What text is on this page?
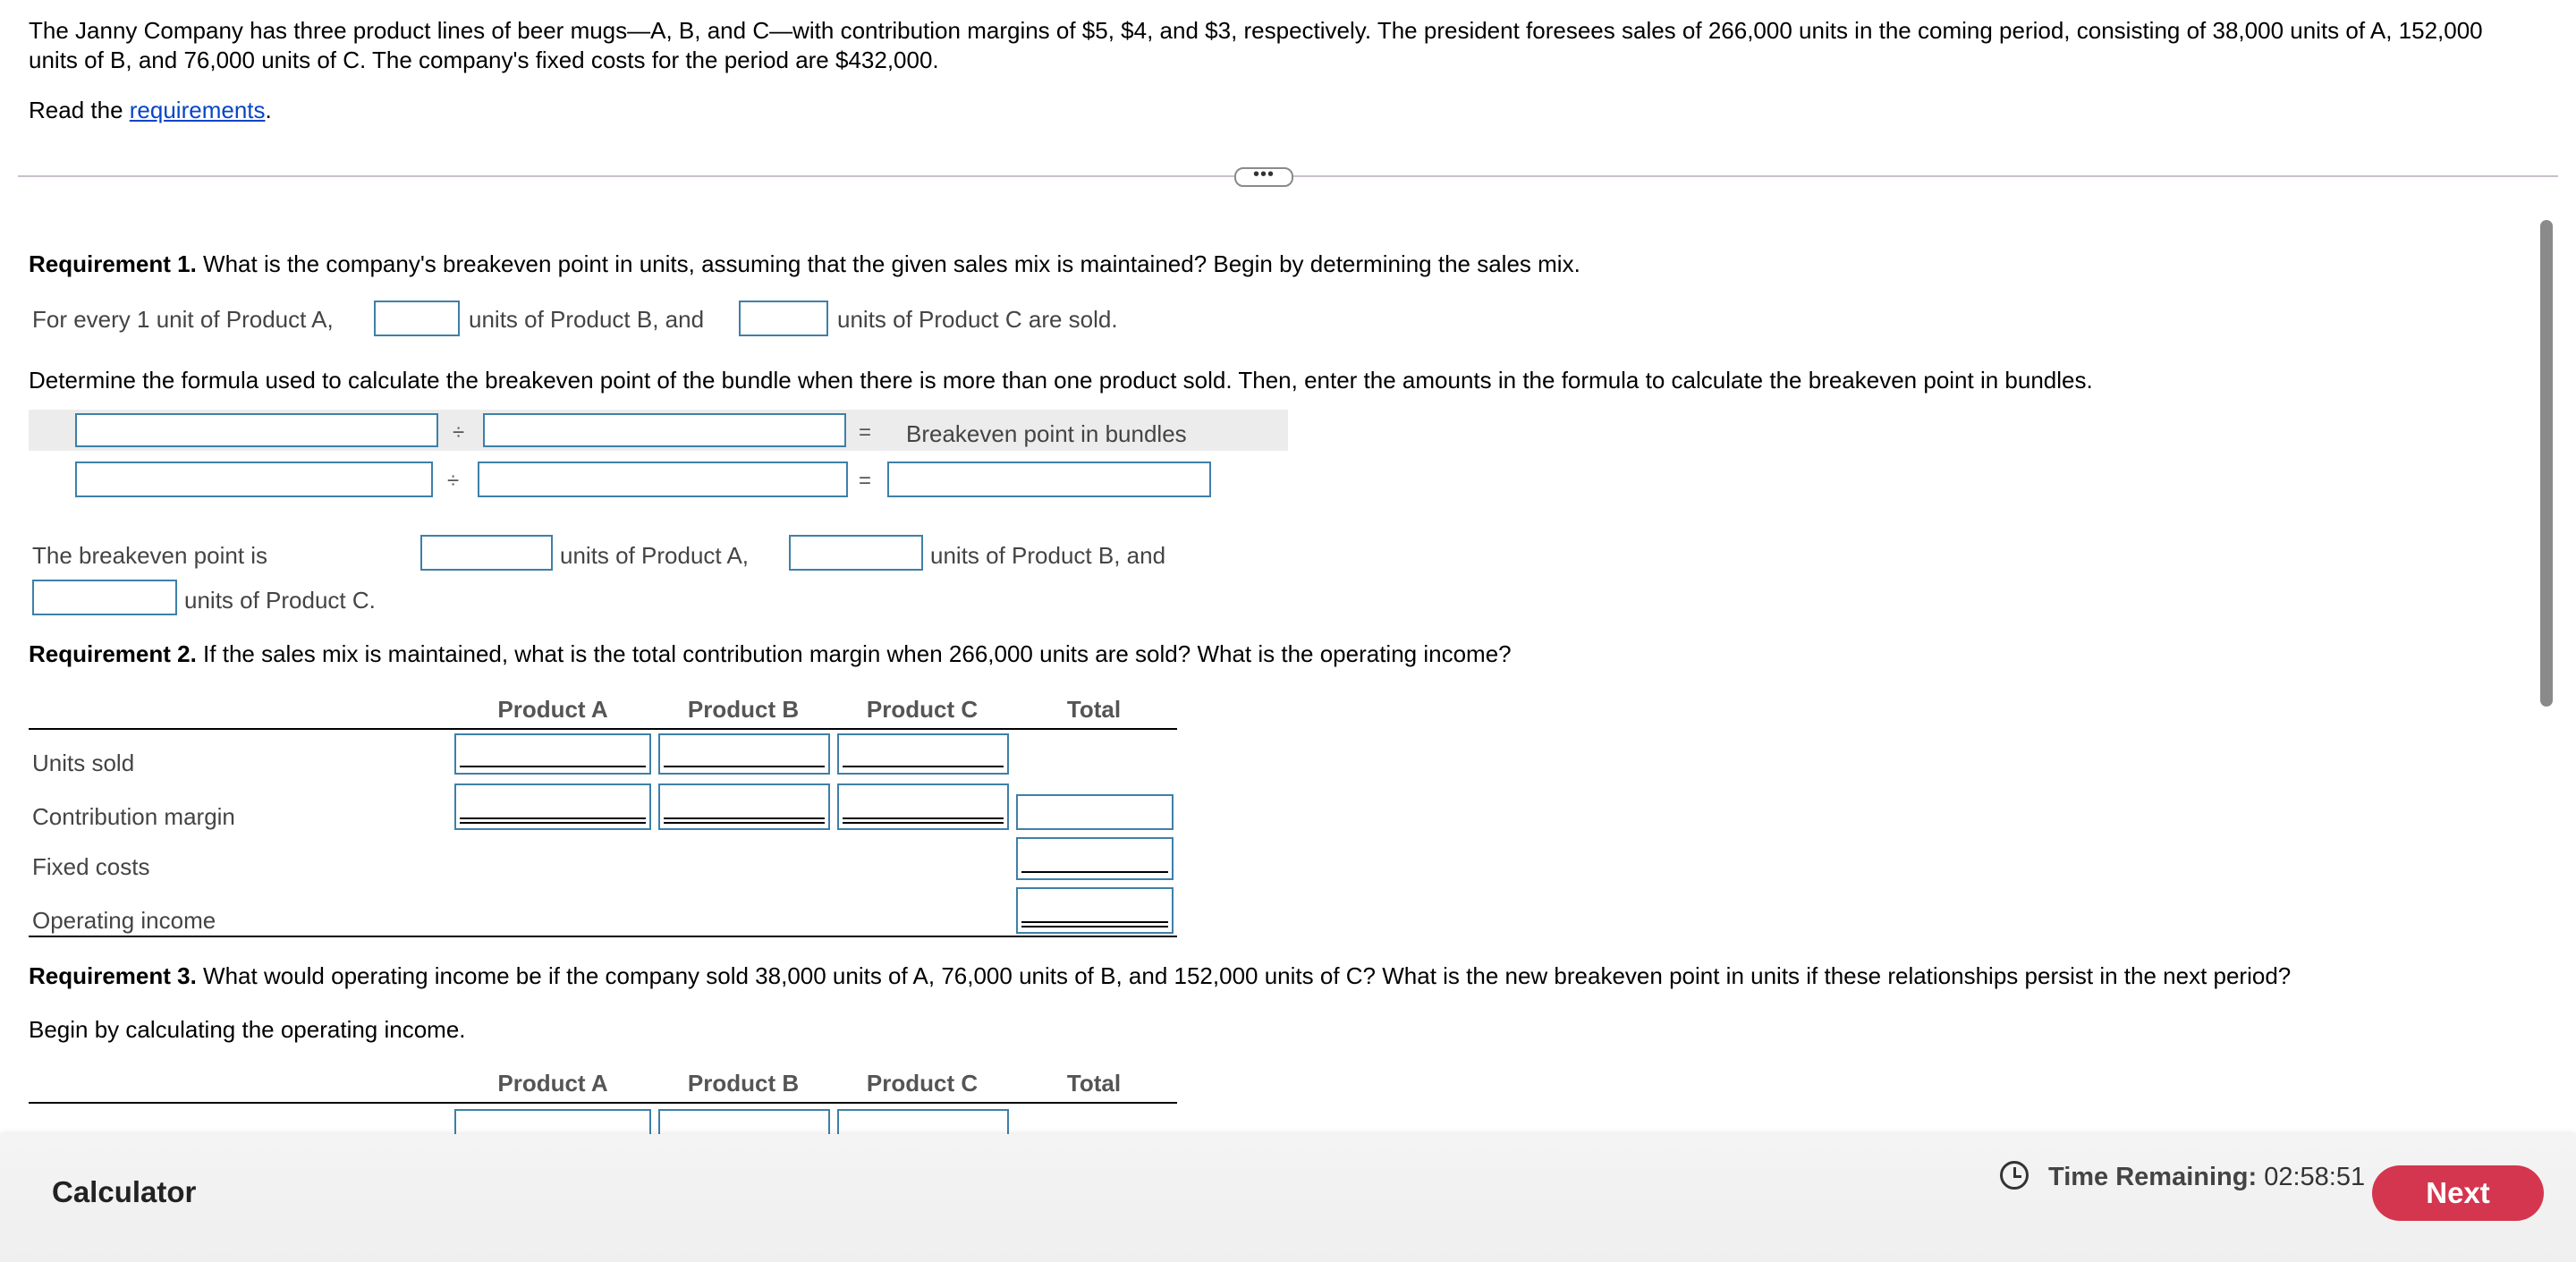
The Janny Company has three product lines of beer mugs—A, B, and C—with contribution margins of $5, $4, and $3, respectively. The president foresees sales of 266,000 units in the coming period, consisting of 38,000 units of A, 152,000 units of B, and 76,000 units of C. The company's fixed costs for the period are $432,000.
Read the requirements.
•••
Requirement 1. What is the company's breakeven point in units, assuming that the given sales mix is maintained? Begin by determining the sales mix.
For every 1 unit of Product A,	units of Product B, and	units of Product C are sold.
Determine the formula used to calculate the breakeven point of the bundle when there is more than one product sold. Then, enter the amounts in the formula to calculate the breakeven point in bundles.
÷	= Breakeven point in bundles
÷	=
The breakeven point is	units of Product A,	units of Product B, and
units of Product C.
Requirement 2. If the sales mix is maintained, what is the total contribution margin when 266,000 units are sold? What is the operating income?
Product A	Product B	Product C	Total
Units sold
Contribution margin
Fixed costs
Operating income
Requirement 3. What would operating income be if the company sold 38,000 units of A, 76,000 units of B, and 152,000 units of C? What is the new breakeven point in units if these relationships persist in the next period?
Begin by calculating the operating income.
Product A	Product B	Product C	Total
Calculator	Time Remaining: 02:58:51	Next
